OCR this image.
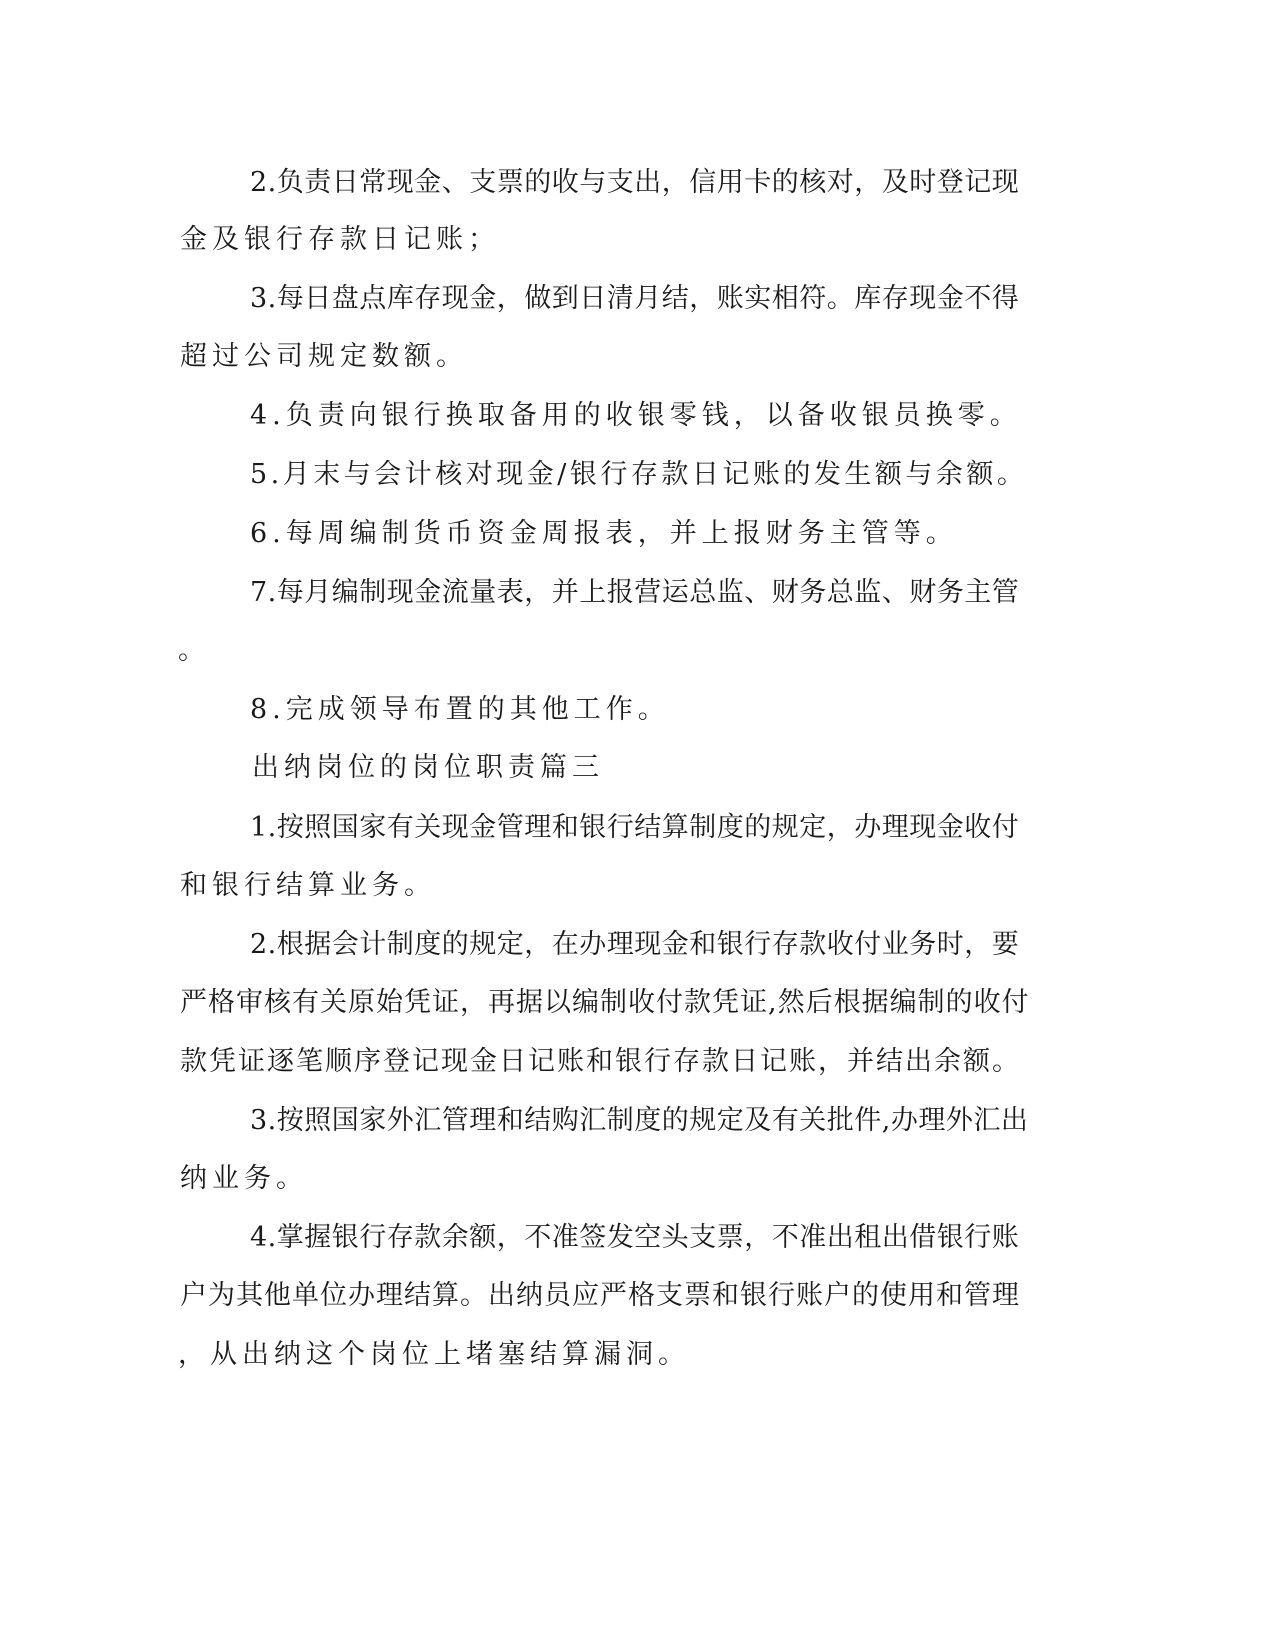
2.负责日常现金、支票的收与支出，信用卡的核对，及时登记现
金及银行存款日记账；
3.每日盘点库存现金，做到日清月结，账实相符。库存现金不得
超过公司规定数额。
4.负责向银行换取备用的收银零钱，以备收银员换零。
5.月末与会计核对现金/银行存款日记账的发生额与余额。
6.每周编制货币资金周报表，并上报财务主管等。
7.每月编制现金流量表，并上报营运总监、财务总监、财务主管
。
8.完成领导布置的其他工作。
出纳岗位的岗位职责篇三
1.按照国家有关现金管理和银行结算制度的规定，办理现金收付
和银行结算业务。
2.根据会计制度的规定，在办理现金和银行存款收付业务时，要
严格审核有关原始凭证，再据以编制收付款凭证,然后根据编制的收付
款凭证逐笔顺序登记现金日记账和银行存款日记账，并结出余额。
3.按照国家外汇管理和结购汇制度的规定及有关批件,办理外汇出
纳业务。
4.掌握银行存款余额，不准签发空头支票，不准出租出借银行账
户为其他单位办理结算。出纳员应严格支票和银行账户的使用和管理
，从出纳这个岗位上堵塞结算漏洞。
